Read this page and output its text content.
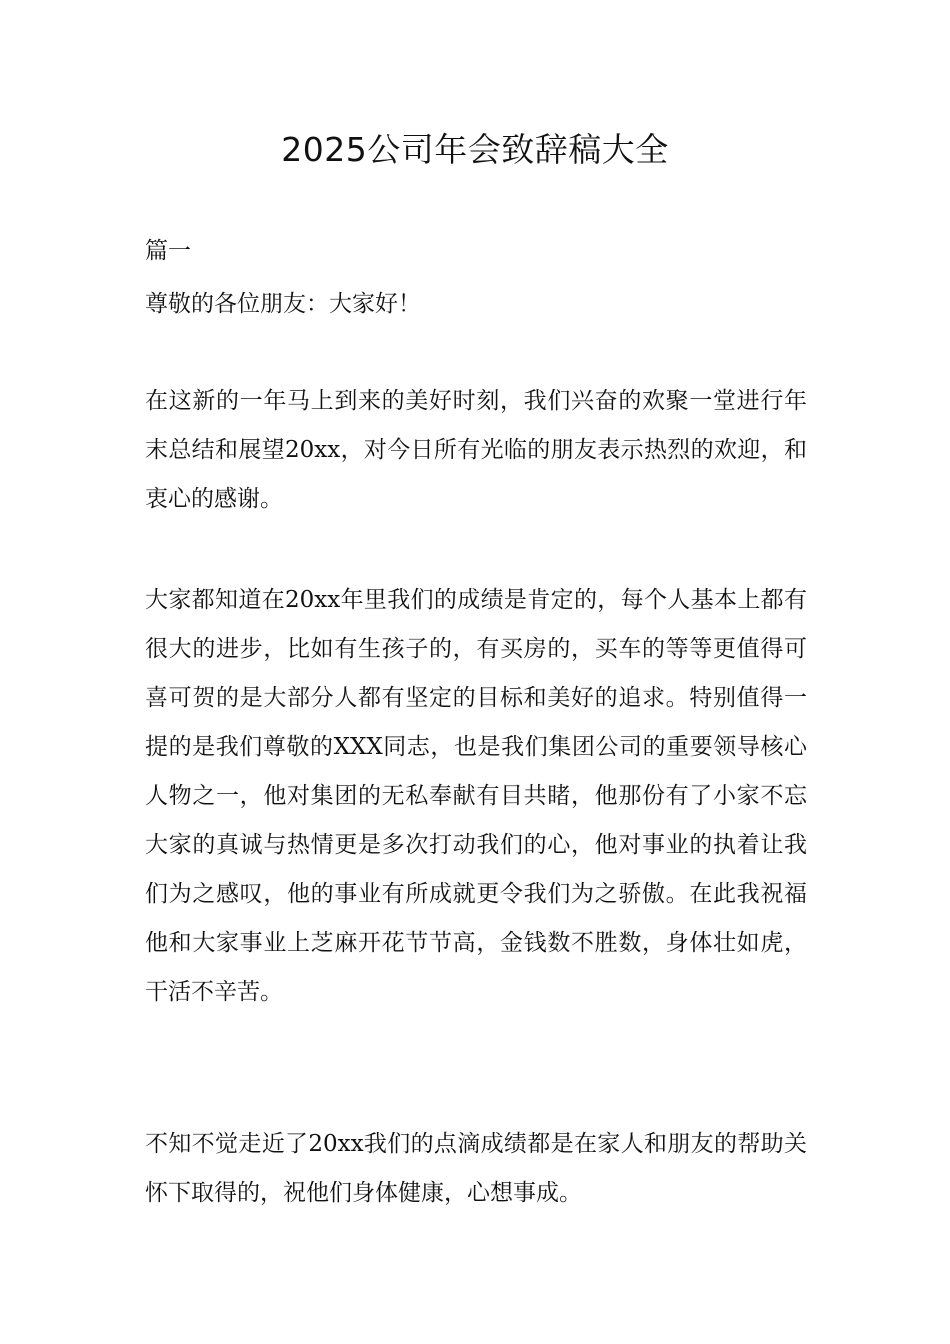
2025公司年会致辞稿大全

篇一

尊敬的各位朋友：大家好！

在这新的一年马上到来的美好时刻，我们兴奋的欢聚一堂进行年末总结和展望20xx，对今日所有光临的朋友表示热烈的欢迎，和衷心的感谢。

大家都知道在20xx年里我们的成绩是肯定的，每个人基本上都有很大的进步，比如有生孩子的，有买房的，买车的等等更值得可喜可贺的是大部分人都有坚定的目标和美好的追求。特别值得一提的是我们尊敬的XXX同志，也是我们集团公司的重要领导核心人物之一，他对集团的无私奉献有目共睹，他那份有了小家不忘大家的真诚与热情更是多次打动我们的心，他对事业的执着让我们为之感叹，他的事业有所成就更令我们为之骄傲。在此我祝福他和大家事业上芝麻开花节节高，金钱数不胜数，身体壮如虎，干活不辛苦。

不知不觉走近了20xx我们的点滴成绩都是在家人和朋友的帮助关怀下取得的，祝他们身体健康，心想事成。
